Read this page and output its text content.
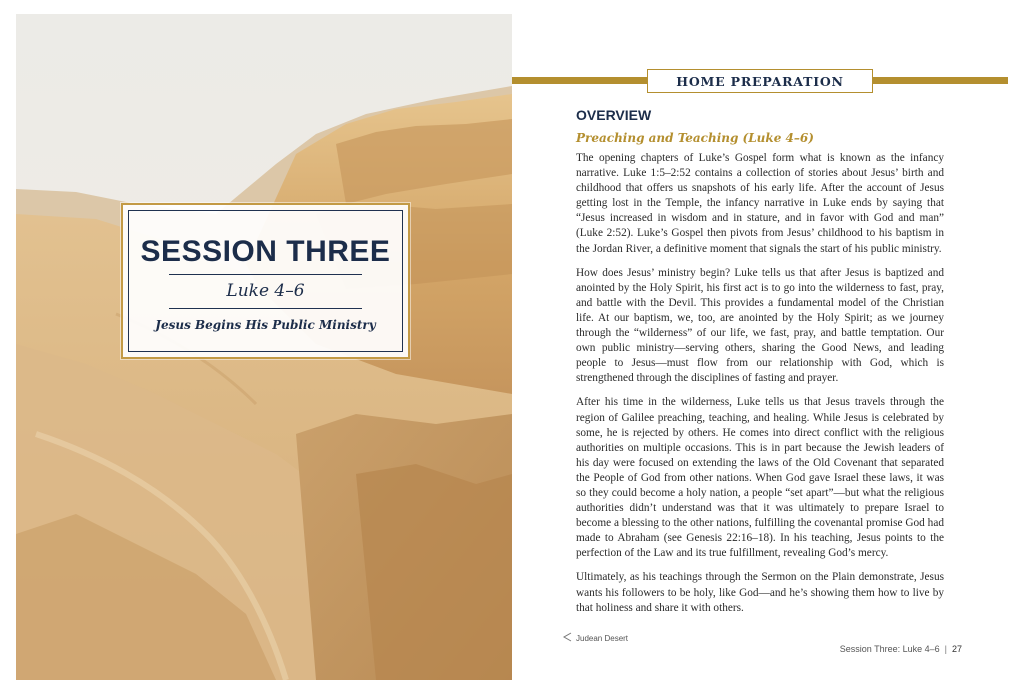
SESSION THREE
Luke 4–6
Jesus Begins His Public Ministry
HOME PREPARATION
OVERVIEW
Preaching and Teaching (Luke 4–6)

The opening chapters of Luke’s Gospel form what is known as the infancy narrative. Luke 1:5–2:52 contains a collection of stories about Jesus’ birth and childhood that offers us snapshots of his early life. After the account of Jesus getting lost in the Temple, the infancy narrative in Luke ends by saying that “Jesus increased in wisdom and in stature, and in favor with God and man” (Luke 2:52). Luke’s Gospel then pivots from Jesus’ childhood to his baptism in the Jordan River, a definitive moment that signals the start of his public ministry.

How does Jesus’ ministry begin? Luke tells us that after Jesus is baptized and anointed by the Holy Spirit, his first act is to go into the wilderness to fast, pray, and battle with the Devil. This provides a fundamental model of the Christian life. At our baptism, we, too, are anointed by the Holy Spirit; as we journey through the “wilderness” of our life, we fast, pray, and battle temptation. Our own public ministry—serving others, sharing the Good News, and leading people to Jesus—must flow from our relationship with God, which is strengthened through the disciplines of fasting and prayer.

After his time in the wilderness, Luke tells us that Jesus travels through the region of Galilee preaching, teaching, and healing. While Jesus is celebrated by some, he is rejected by others. He comes into direct conflict with the religious authorities on multiple occasions. This is in part because the Jewish leaders of his day were focused on extending the laws of the Old Covenant that separated the People of God from other nations. When God gave Israel these laws, it was so they could become a holy nation, a people “set apart”—but what the religious authorities didn’t understand was that it was ultimately to prepare Israel to become a blessing to the other nations, fulfilling the covenantal promise God had made to Abraham (see Genesis 22:16–18). In his teaching, Jesus points to the perfection of the Law and its true fulfillment, revealing God’s mercy.

Ultimately, as his teachings through the Sermon on the Plain demonstrate, Jesus wants his followers to be holy, like God—and he’s showing them how to live by that holiness and share it with others.

Judean Desert
Session Three: Luke 4–6 | 27
